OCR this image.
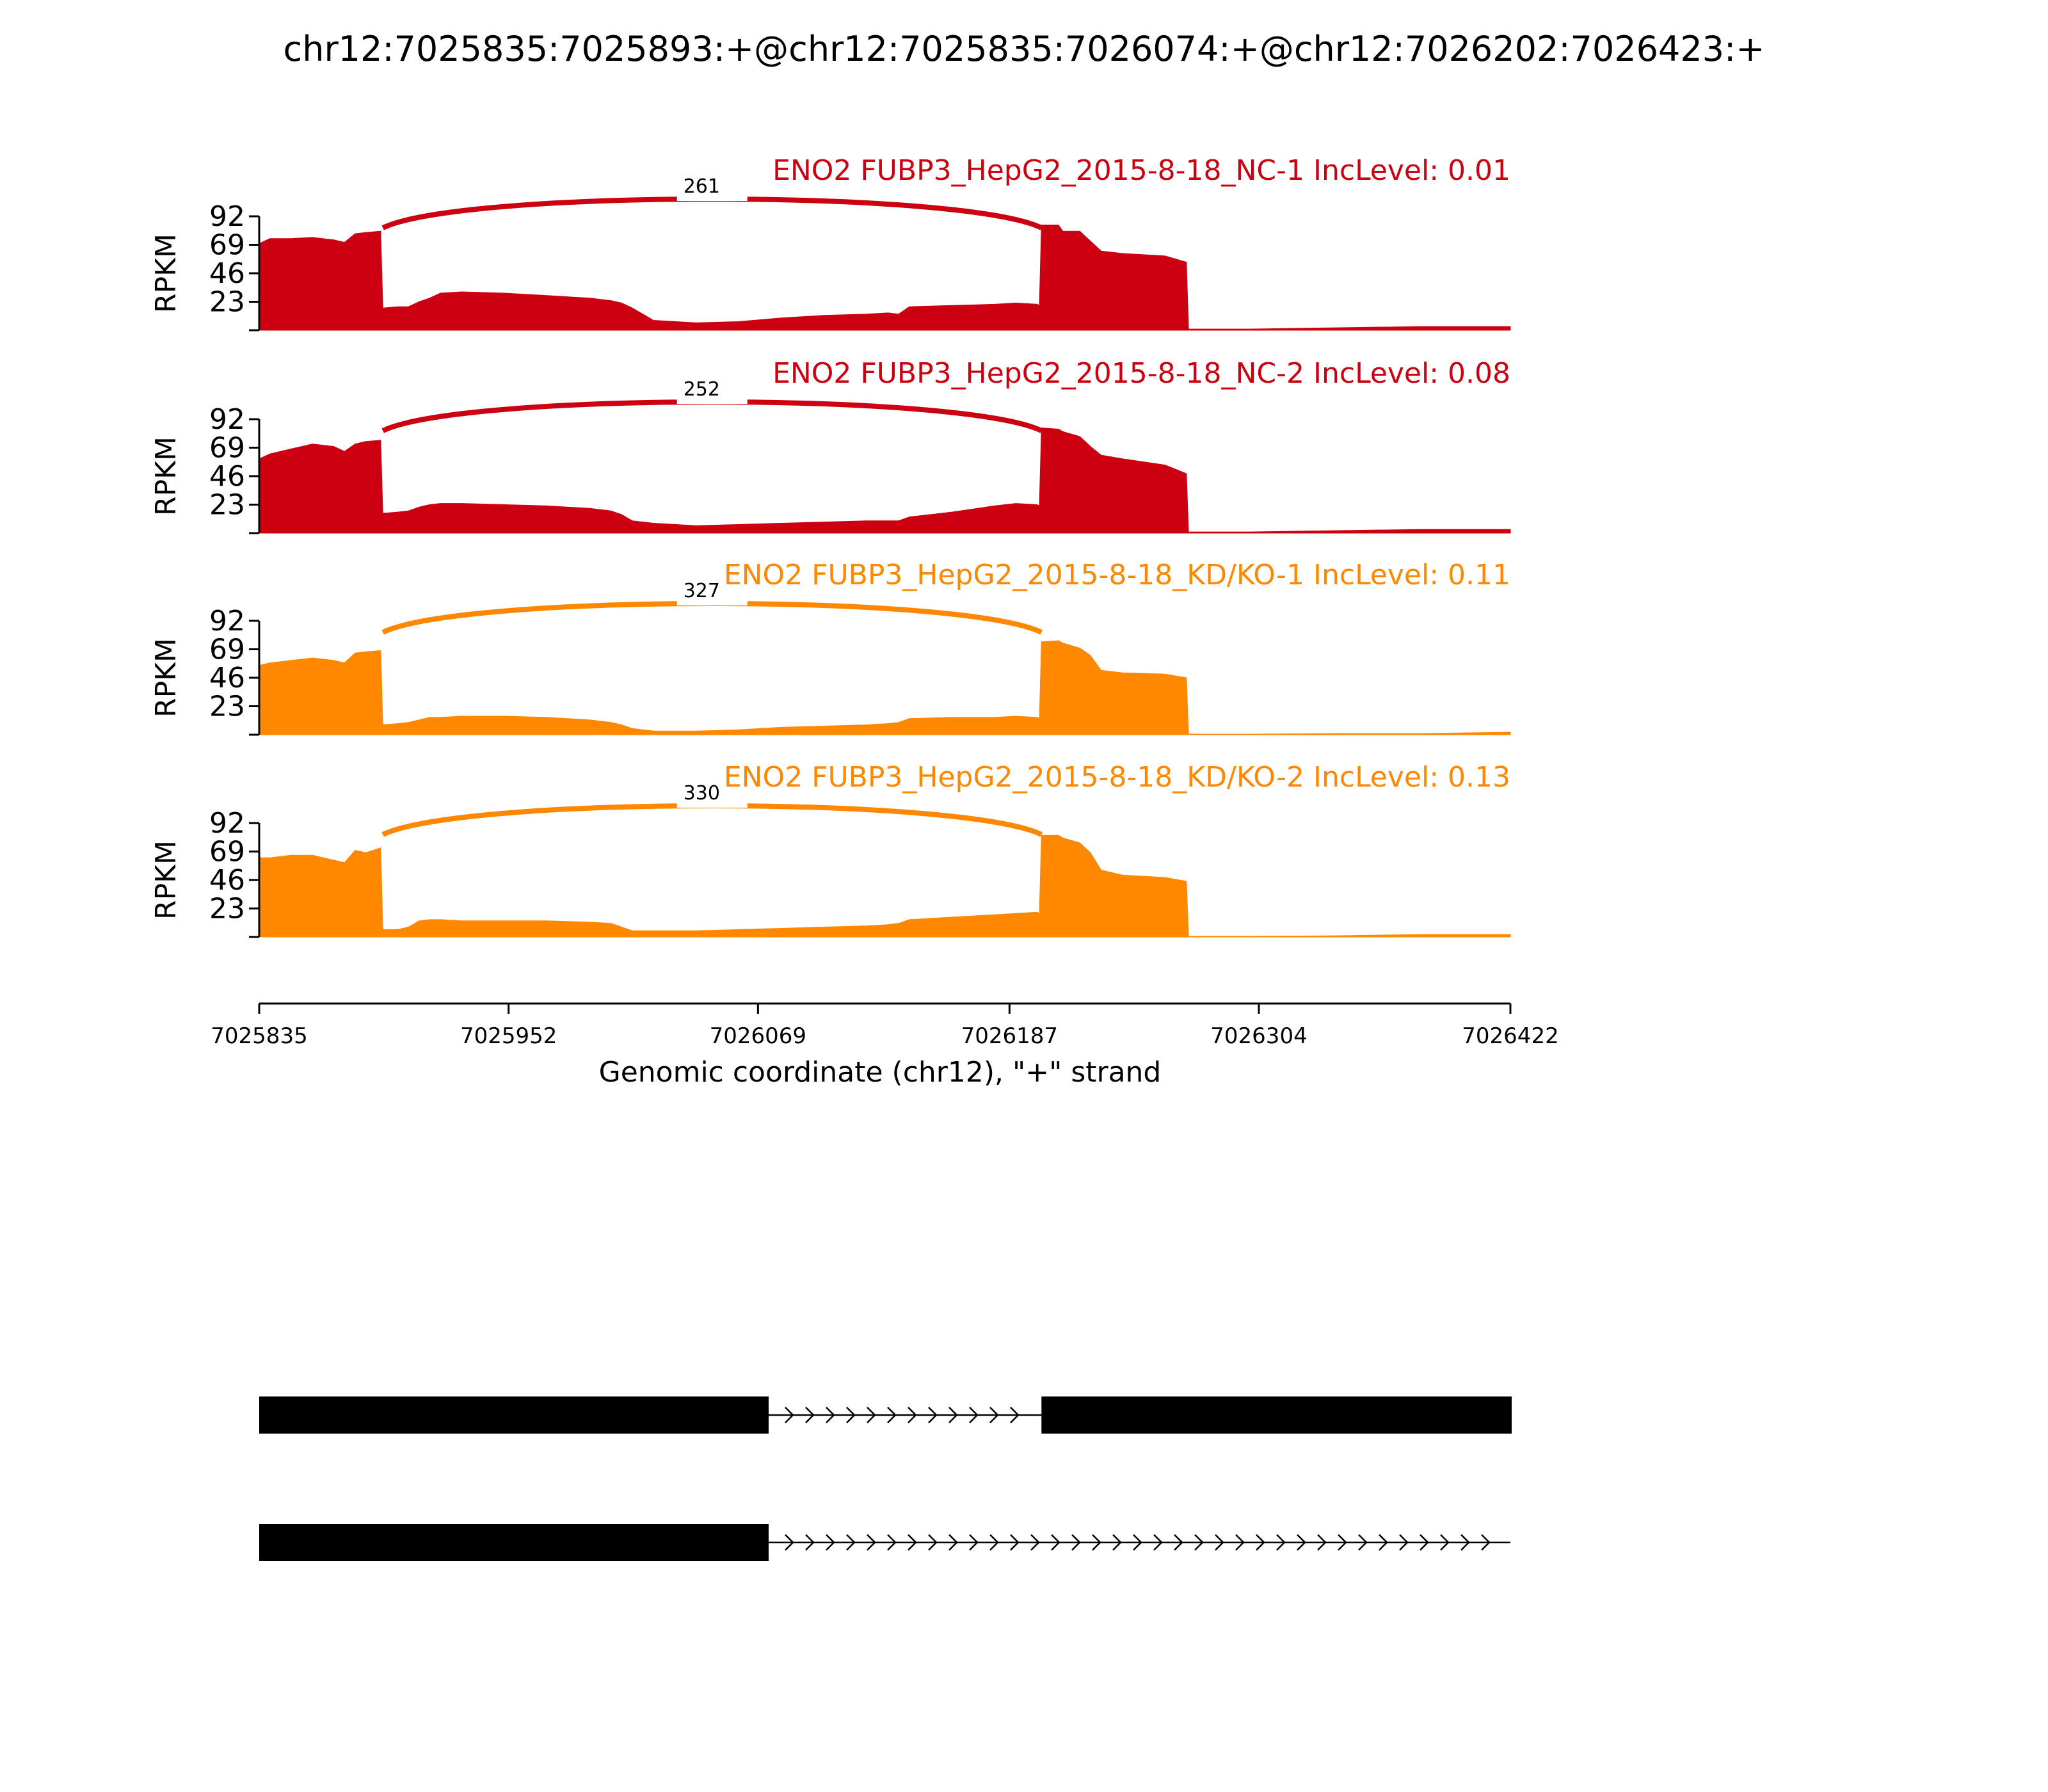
chr12:7025835:7025893:+@chr12:7025835:7026074:+@chr12:7026202:7026423:+
261 ENO2 FUBP3_HepG2_2015-8-18_NC-1 IncLevel: 0.01
23
46
69
92
RPKM
252 ENO2 FUBP3_HepG2_2015-8-18_NC-2 IncLevel: 0.08
23
46
69
92
RPKM
327 ENO2 FUBP3_HepG2_2015-8-18_KD/KO-1 IncLevel: 0.11
23
46
69
92
RPKM
330 ENO2 FUBP3_HepG2_2015-8-18_KD/KO-2 IncLevel: 0.13
23
46
69
92
RPKM
7025835	7025952	7026069	7026187	7026304	7026422
Genomic coordinate (chr12), "+" strand
